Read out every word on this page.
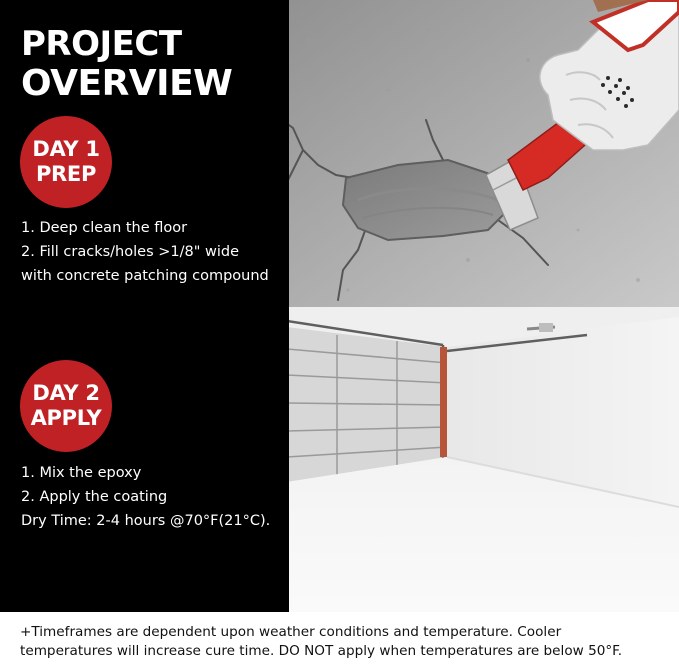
PROJECT
OVERVIEW
DAY 1
PREP
1. Deep clean the floor
2. Fill cracks/holes >1/8" wide
with concrete patching compound
DAY 2
APPLY
1. Mix the epoxy
2. Apply the coating
Dry Time: 2-4 hours @70°F(21°C).

+Timeframes are dependent upon weather conditions and temperature. Cooler
temperatures will increase cure time. DO NOT apply when temperatures are below 50°F.
